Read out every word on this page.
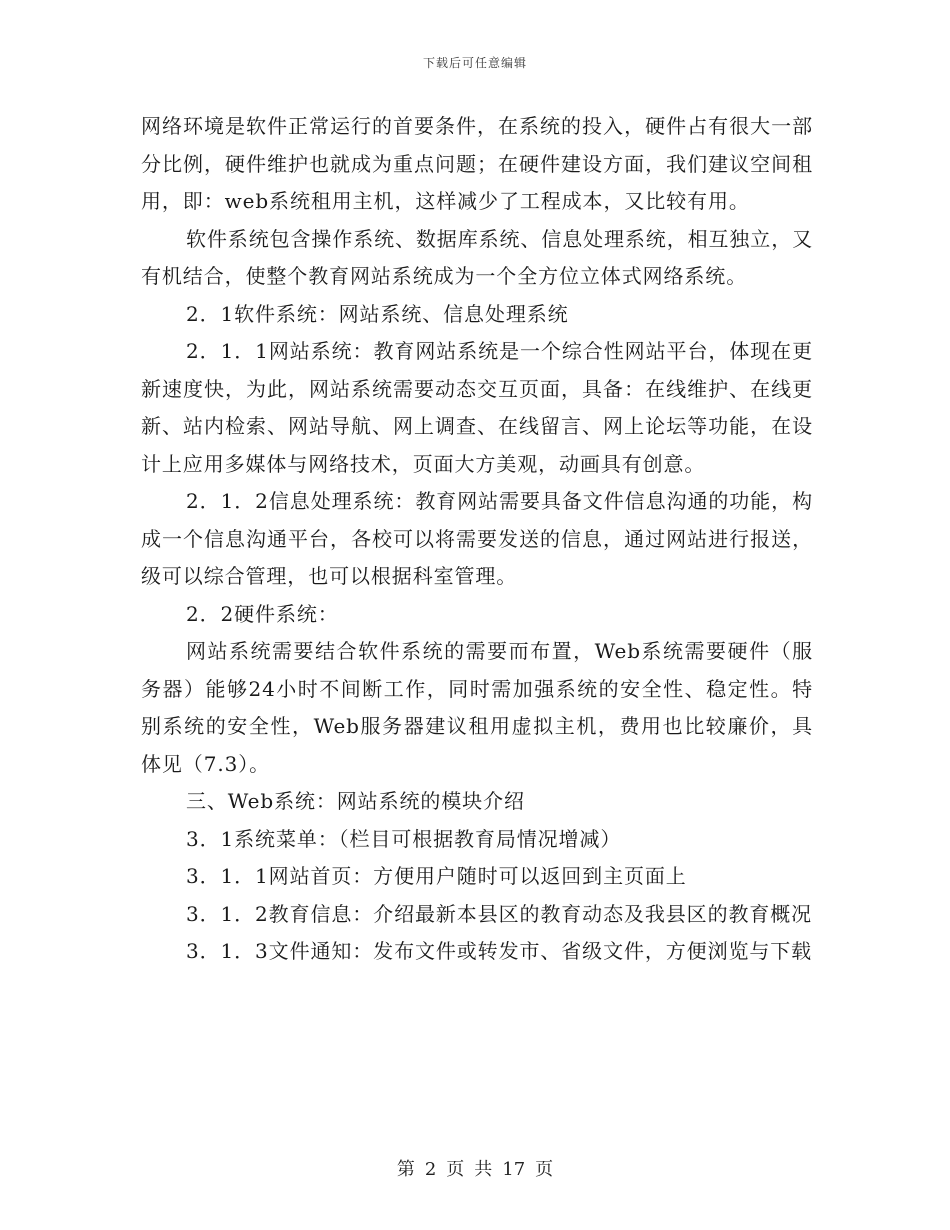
下载后可任意编辑

网络环境是软件正常运行的首要条件，在系统的投入，硬件占有很大一部分比例，硬件维护也就成为重点问题；在硬件建设方面，我们建议空间租用，即：web系统租用主机，这样减少了工程成本，又比较有用。

软件系统包含操作系统、数据库系统、信息处理系统，相互独立，又有机结合，使整个教育网站系统成为一个全方位立体式网络系统。

2．1软件系统：网站系统、信息处理系统

2．1．1网站系统：教育网站系统是一个综合性网站平台，体现在更新速度快，为此，网站系统需要动态交互页面，具备：在线维护、在线更新、站内检索、网站导航、网上调查、在线留言、网上论坛等功能，在设计上应用多媒体与网络技术，页面大方美观，动画具有创意。

2．1．2信息处理系统：教育网站需要具备文件信息沟通的功能，构成一个信息沟通平台，各校可以将需要发送的信息，通过网站进行报送，级可以综合管理，也可以根据科室管理。

2．2硬件系统：

网站系统需要结合软件系统的需要而布置，Web系统需要硬件（服务器）能够24小时不间断工作，同时需加强系统的安全性、稳定性。特别系统的安全性，Web服务器建议租用虚拟主机，费用也比较廉价，具体见（7.3）。

三、Web系统：网站系统的模块介绍

3．1系统菜单：（栏目可根据教育局情况增减）

3．1．1网站首页：方便用户随时可以返回到主页面上

3．1．2教育信息：介绍最新本县区的教育动态及我县区的教育概况

3．1．3文件通知：发布文件或转发市、省级文件，方便浏览与下载

第 2 页 共 17 页
